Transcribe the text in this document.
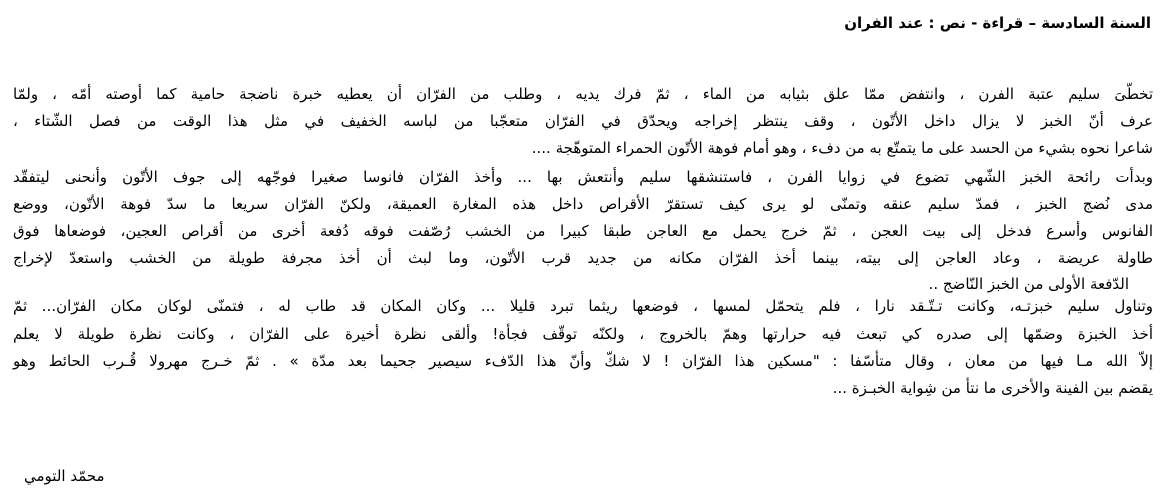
السنة السادسة – قراءة - نص : عند الفران
تخطّىَ سليم عتبة الفرن ، وانتفض ممّا علق بثيابه من الماء ، ثمّ فرك يديه ، وطلب من الفرّان أن يعطيه خبرة ناضجة حامية كما أوصته أمّه ، ولمّا
عرف أنّ الخبز لا يزال داخل الأتّون ، وقف ينتظر إخراجه ويحدّق في الفرّان متعجّبا من لباسه الخفيف في مثل هذا الوقت من فصل الشّتاء ،
شاعرا نحوه بشيء من الحسد على ما يتمتّع به من دفء ، وهو أمام فوهة الأتّون الحمراء المتوهّجة ....
وبدأت رائحة الخبز الشّهي تضوع في زوايا الفرن ، فاستنشقها سليم وأنتعش بها ... وأخذ الفرّان فانوسا صغيرا فوجّهه إلى جوف الأتّون وأنحنى ليتفقّد
مدى نُضج الخبز ، فمدّ سليم عنقه وتمنّى لو يرى كيف تستقرّ الأقراص داخل هذه المغارة العميقة، ولكنّ الفرّان سريعا ما سدّ فوهة الأتّون، ووضع
الفانوس وأسرع فدخل إلى بيت العجن ، ثمّ خرج يحمل مع العاجن طبقا كبيرا من الخشب رُصّفت فوقه دُفعة أخرى من أقراص العجين، فوضعاها فوق
طاولة عريضة ، وعاد العاجن إلى بيته، بينما أخذ الفرّان مكانه من جديد قرب الأتّون، وما لبث أن أخذ مجرفة طويلة من الخشب واستعدّ لإخراج
الدّفعة الأولى من الخبز النّاضج ..
وتناول سليم خبزتـه، وكانت تـتّـقد نارا ، فلم يتحمّل لمسها ، فوضعها ريثما تبرد قليلا ... وكان المكان قد طاب له ، فتمنّى لوكان مكان الفرّان... ثمّ
أخذ الخبزة وضمّها إلى صدره كي تبعث فيه حرارتها وهمّ بالخروج ، ولكنّه توقّف فجأة! وألقى نظرة أخيرة على الفرّان ، وكانت نظرة طويلة لا يعلم
إلاّ الله مـا فيها من معان ، وقال متأسّفا : "مسكين هذا الفرّان ! لا شكّ وأنّ هذا الدّفء سيصير جحيما بعد مدّة » . ثمّ خـرج مهرولا قُـرب الحائط وهو
يقضم بين الفينة والأخرى ما نتأ من شِواية الخبـزة ...
محمّد التومي
